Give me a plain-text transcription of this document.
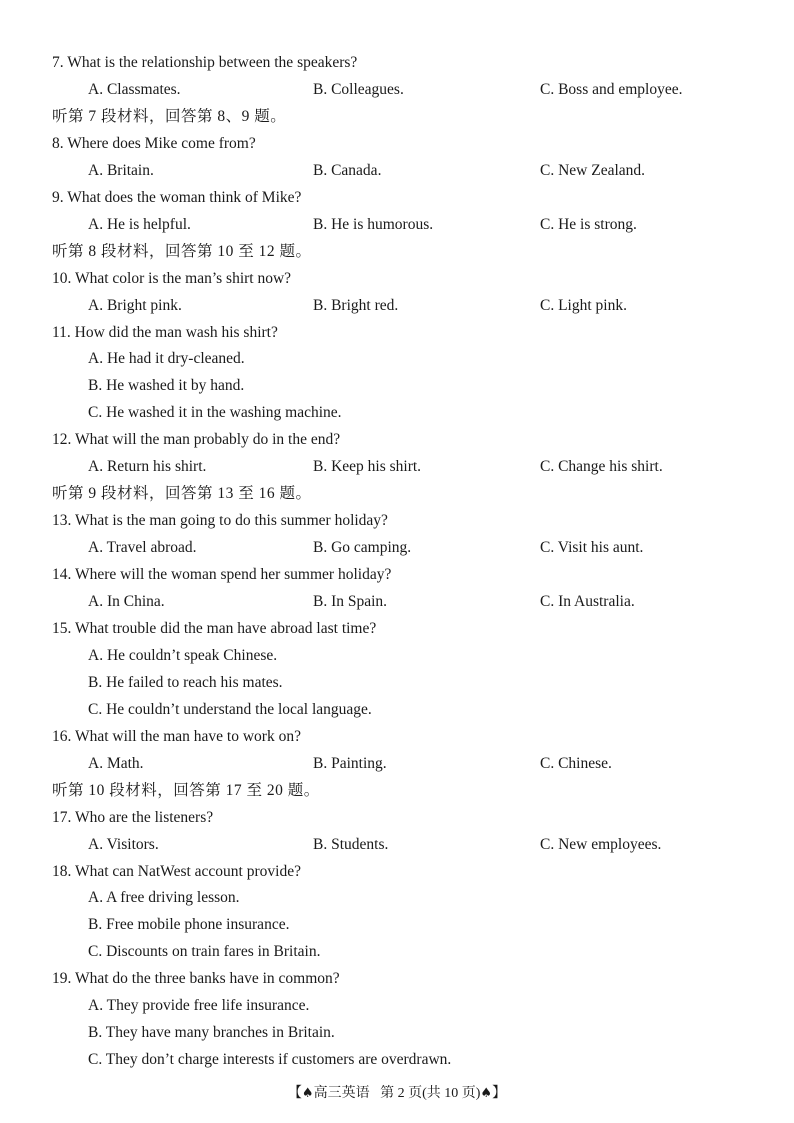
7. What is the relationship between the speakers?
A. Classmates.	B. Colleagues.	C. Boss and employee.
听第 7 段材料，回答第 8、9 题。
8. Where does Mike come from?
A. Britain.	B. Canada.	C. New Zealand.
9. What does the woman think of Mike?
A. He is helpful.	B. He is humorous.	C. He is strong.
听第 8 段材料，回答第 10 至 12 题。
10. What color is the man’s shirt now?
A. Bright pink.	B. Bright red.	C. Light pink.
11. How did the man wash his shirt?
A. He had it dry-cleaned.
B. He washed it by hand.
C. He washed it in the washing machine.
12. What will the man probably do in the end?
A. Return his shirt.	B. Keep his shirt.	C. Change his shirt.
听第 9 段材料，回答第 13 至 16 题。
13. What is the man going to do this summer holiday?
A. Travel abroad.	B. Go camping.	C. Visit his aunt.
14. Where will the woman spend her summer holiday?
A. In China.	B. In Spain.	C. In Australia.
15. What trouble did the man have abroad last time?
A. He couldn’t speak Chinese.
B. He failed to reach his mates.
C. He couldn’t understand the local language.
16. What will the man have to work on?
A. Math.	B. Painting.	C. Chinese.
听第 10 段材料，回答第 17 至 20 题。
17. Who are the listeners?
A. Visitors.	B. Students.	C. New employees.
18. What can NatWest account provide?
A. A free driving lesson.
B. Free mobile phone insurance.
C. Discounts on train fares in Britain.
19. What do the three banks have in common?
A. They provide free life insurance.
B. They have many branches in Britain.
C. They don’t charge interests if customers are overdrawn.
【♠高三英语 第 2 页(共 10 页)♠】
